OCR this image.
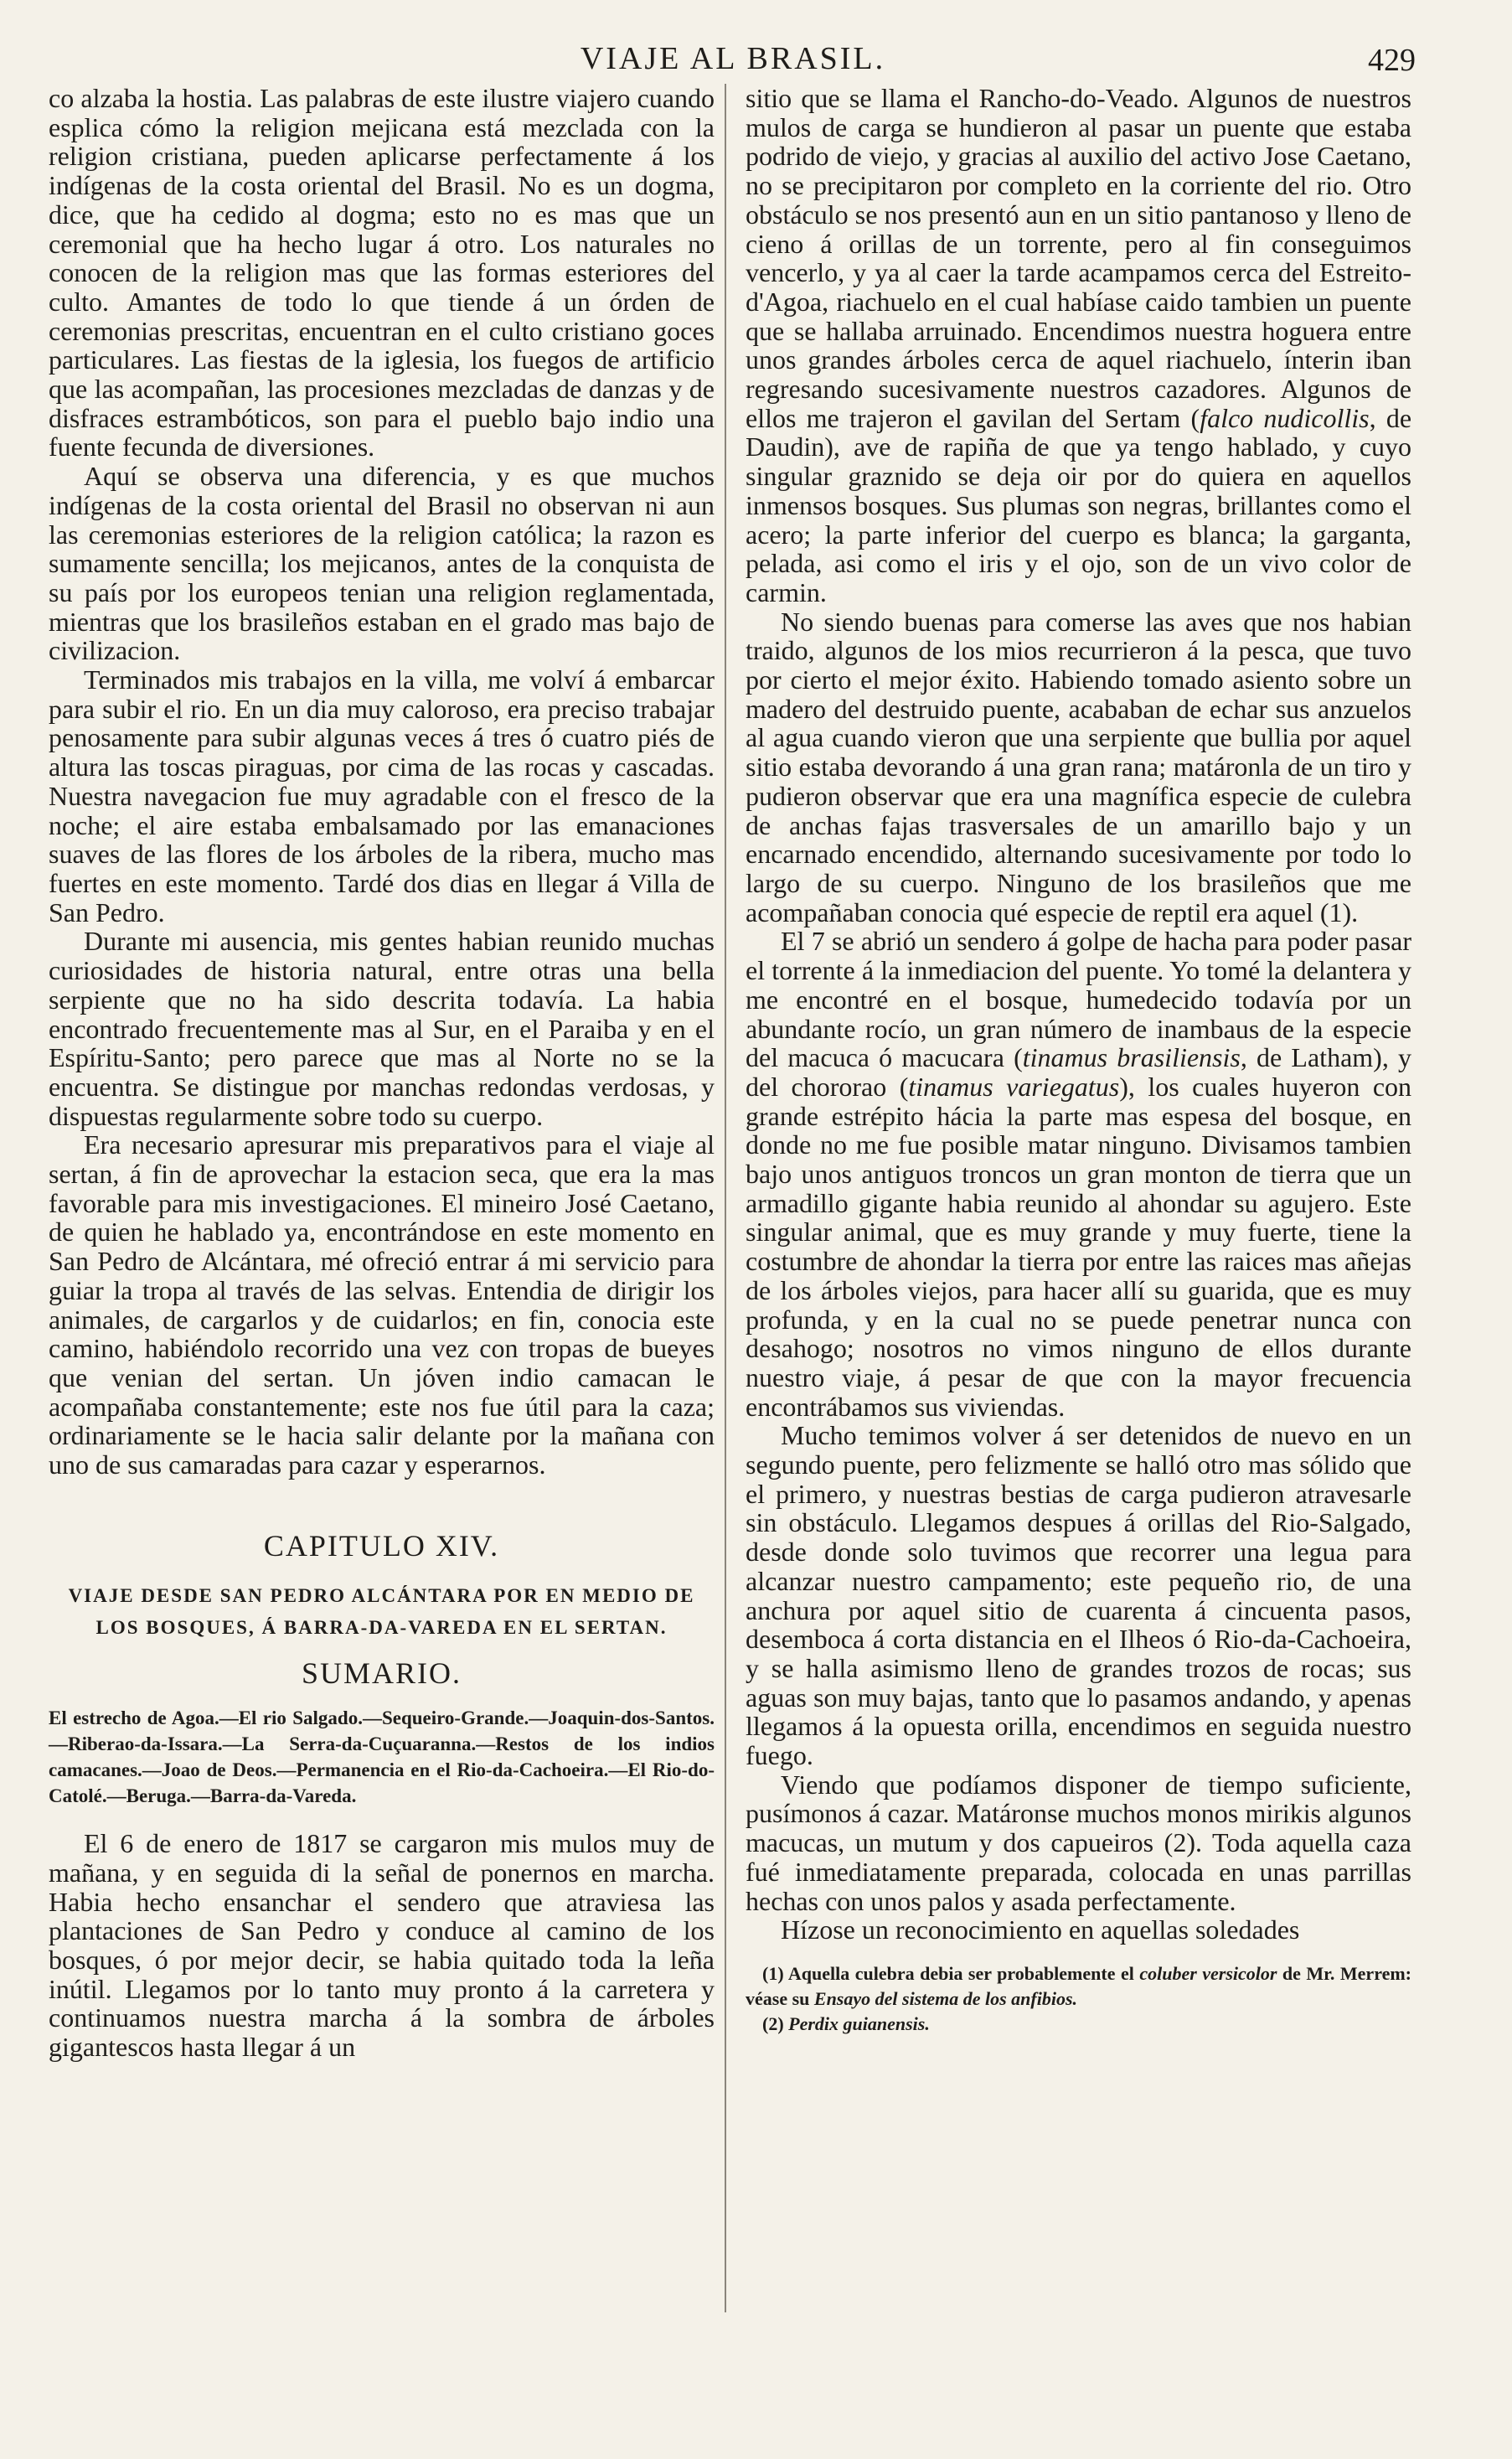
VIAJE AL BRASIL.	429

co alzaba la hostia. Las palabras de este ilustre viajero cuando esplica cómo la religion mejicana está mezclada con la religion cristiana, pueden aplicarse perfectamente á los indígenas de la costa oriental del Brasil. No es un dogma, dice, que ha cedido al dogma; esto no es mas que un ceremonial que ha hecho lugar á otro. Los naturales no conocen de la religion mas que las formas esteriores del culto. Amantes de todo lo que tiende á un órden de ceremonias prescritas, encuentran en el culto cristiano goces particulares. Las fiestas de la iglesia, los fuegos de artificio que las acompañan, las procesiones mezcladas de danzas y de disfraces estrambóticos, son para el pueblo bajo indio una fuente fecunda de diversiones.

Aquí se observa una diferencia, y es que muchos indígenas de la costa oriental del Brasil no observan ni aun las ceremonias esteriores de la religion católica; la razon es sumamente sencilla; los mejicanos, antes de la conquista de su país por los europeos tenian una religion reglamentada, mientras que los brasileños estaban en el grado mas bajo de civilizacion.

Terminados mis trabajos en la villa, me volví á embarcar para subir el rio. En un dia muy caloroso, era preciso trabajar penosamente para subir algunas veces á tres ó cuatro piés de altura las toscas piraguas, por cima de las rocas y cascadas. Nuestra navegacion fue muy agradable con el fresco de la noche; el aire estaba embalsamado por las emanaciones suaves de las flores de los árboles de la ribera, mucho mas fuertes en este momento. Tardé dos dias en llegar á Villa de San Pedro.

Durante mi ausencia, mis gentes habian reunido muchas curiosidades de historia natural, entre otras una bella serpiente que no ha sido descrita todavía. La habia encontrado frecuentemente mas al Sur, en el Paraiba y en el Espíritu-Santo; pero parece que mas al Norte no se la encuentra. Se distingue por manchas redondas verdosas, y dispuestas regularmente sobre todo su cuerpo.

Era necesario apresurar mis preparativos para el viaje al sertan, á fin de aprovechar la estacion seca, que era la mas favorable para mis investigaciones. El mineiro José Caetano, de quien he hablado ya, encontrándose en este momento en San Pedro de Alcántara, mé ofreció entrar á mi servicio para guiar la tropa al través de las selvas. Entendia de dirigir los animales, de cargarlos y de cuidarlos; en fin, conocia este camino, habiéndolo recorrido una vez con tropas de bueyes que venian del sertan. Un jóven indio camacan le acompañaba constantemente; este nos fue útil para la caza; ordinariamente se le hacia salir delante por la mañana con uno de sus camaradas para cazar y esperarnos.

CAPITULO XIV.
VIAJE DESDE SAN PEDRO ALCÁNTARA POR EN MEDIO DE LOS BOSQUES, Á BARRA-DA-VAREDA EN EL SERTAN.
SUMARIO.
El estrecho de Agoa.—El rio Salgado.—Sequeiro-Grande.—Joaquin-dos-Santos.—Riberao-da-Issara.—La Serra-da-Cuçuaranna.—Restos de los indios camacanes.—Joao de Deos.—Permanencia en el Rio-da-Cachoeira.—El Rio-do-Catolé.—Beruga.—Barra-da-Vareda.

El 6 de enero de 1817 se cargaron mis mulos muy de mañana, y en seguida di la señal de ponernos en marcha. Habia hecho ensanchar el sendero que atraviesa las plantaciones de San Pedro y conduce al camino de los bosques, ó por mejor decir, se habia quitado toda la leña inútil. Llegamos por lo tanto muy pronto á la carretera y continuamos nuestra marcha á la sombra de árboles gigantescos hasta llegar á un

sitio que se llama el Rancho-do-Veado. Algunos de nuestros mulos de carga se hundieron al pasar un puente que estaba podrido de viejo, y gracias al auxilio del activo Jose Caetano, no se precipitaron por completo en la corriente del rio. Otro obstáculo se nos presentó aun en un sitio pantanoso y lleno de cieno á orillas de un torrente, pero al fin conseguimos vencerlo, y ya al caer la tarde acampamos cerca del Estreito-d'Agoa, riachuelo en el cual habíase caido tambien un puente que se hallaba arruinado. Encendimos nuestra hoguera entre unos grandes árboles cerca de aquel riachuelo, ínterin iban regresando sucesivamente nuestros cazadores. Algunos de ellos me trajeron el gavilan del Sertam (falco nudicollis, de Daudin), ave de rapiña de que ya tengo hablado, y cuyo singular graznido se deja oir por do quiera en aquellos inmensos bosques. Sus plumas son negras, brillantes como el acero; la parte inferior del cuerpo es blanca; la garganta, pelada, asi como el iris y el ojo, son de un vivo color de carmin.

No siendo buenas para comerse las aves que nos habian traido, algunos de los mios recurrieron á la pesca, que tuvo por cierto el mejor éxito. Habiendo tomado asiento sobre un madero del destruido puente, acababan de echar sus anzuelos al agua cuando vieron que una serpiente que bullia por aquel sitio estaba devorando á una gran rana; matáronla de un tiro y pudieron observar que era una magnífica especie de culebra de anchas fajas trasversales de un amarillo bajo y un encarnado encendido, alternando sucesivamente por todo lo largo de su cuerpo. Ninguno de los brasileños que me acompañaban conocia qué especie de reptil era aquel (1).

El 7 se abrió un sendero á golpe de hacha para poder pasar el torrente á la inmediacion del puente. Yo tomé la delantera y me encontré en el bosque, humedecido todavía por un abundante rocío, un gran número de inambaus de la especie del macuca ó macucara (tinamus brasiliensis, de Latham), y del chororao (tinamus variegatus), los cuales huyeron con grande estrépito hácia la parte mas espesa del bosque, en donde no me fue posible matar ninguno. Divisamos tambien bajo unos antiguos troncos un gran monton de tierra que un armadillo gigante habia reunido al ahondar su agujero. Este singular animal, que es muy grande y muy fuerte, tiene la costumbre de ahondar la tierra por entre las raices mas añejas de los árboles viejos, para hacer allí su guarida, que es muy profunda, y en la cual no se puede penetrar nunca con desahogo; nosotros no vimos ninguno de ellos durante nuestro viaje, á pesar de que con la mayor frecuencia encontrábamos sus viviendas.

Mucho temimos volver á ser detenidos de nuevo en un segundo puente, pero felizmente se halló otro mas sólido que el primero, y nuestras bestias de carga pudieron atravesarle sin obstáculo. Llegamos despues á orillas del Rio-Salgado, desde donde solo tuvimos que recorrer una legua para alcanzar nuestro campamento; este pequeño rio, de una anchura por aquel sitio de cuarenta á cincuenta pasos, desemboca á corta distancia en el Ilheos ó Rio-da-Cachoeira, y se halla asimismo lleno de grandes trozos de rocas; sus aguas son muy bajas, tanto que lo pasamos andando, y apenas llegamos á la opuesta orilla, encendimos en seguida nuestro fuego.

Viendo que podíamos disponer de tiempo suficiente, pusímonos á cazar. Matáronse muchos monos mirikis algunos macucas, un mutum y dos capueiros (2). Toda aquella caza fué inmediatamente preparada, colocada en unas parrillas hechas con unos palos y asada perfectamente.

Hízose un reconocimiento en aquellas soledades

(1) Aquella culebra debia ser probablemente el coluber versicolor de Mr. Merrem: véase su Ensayo del sistema de los anfibios.

(2) Perdix guianensis.
